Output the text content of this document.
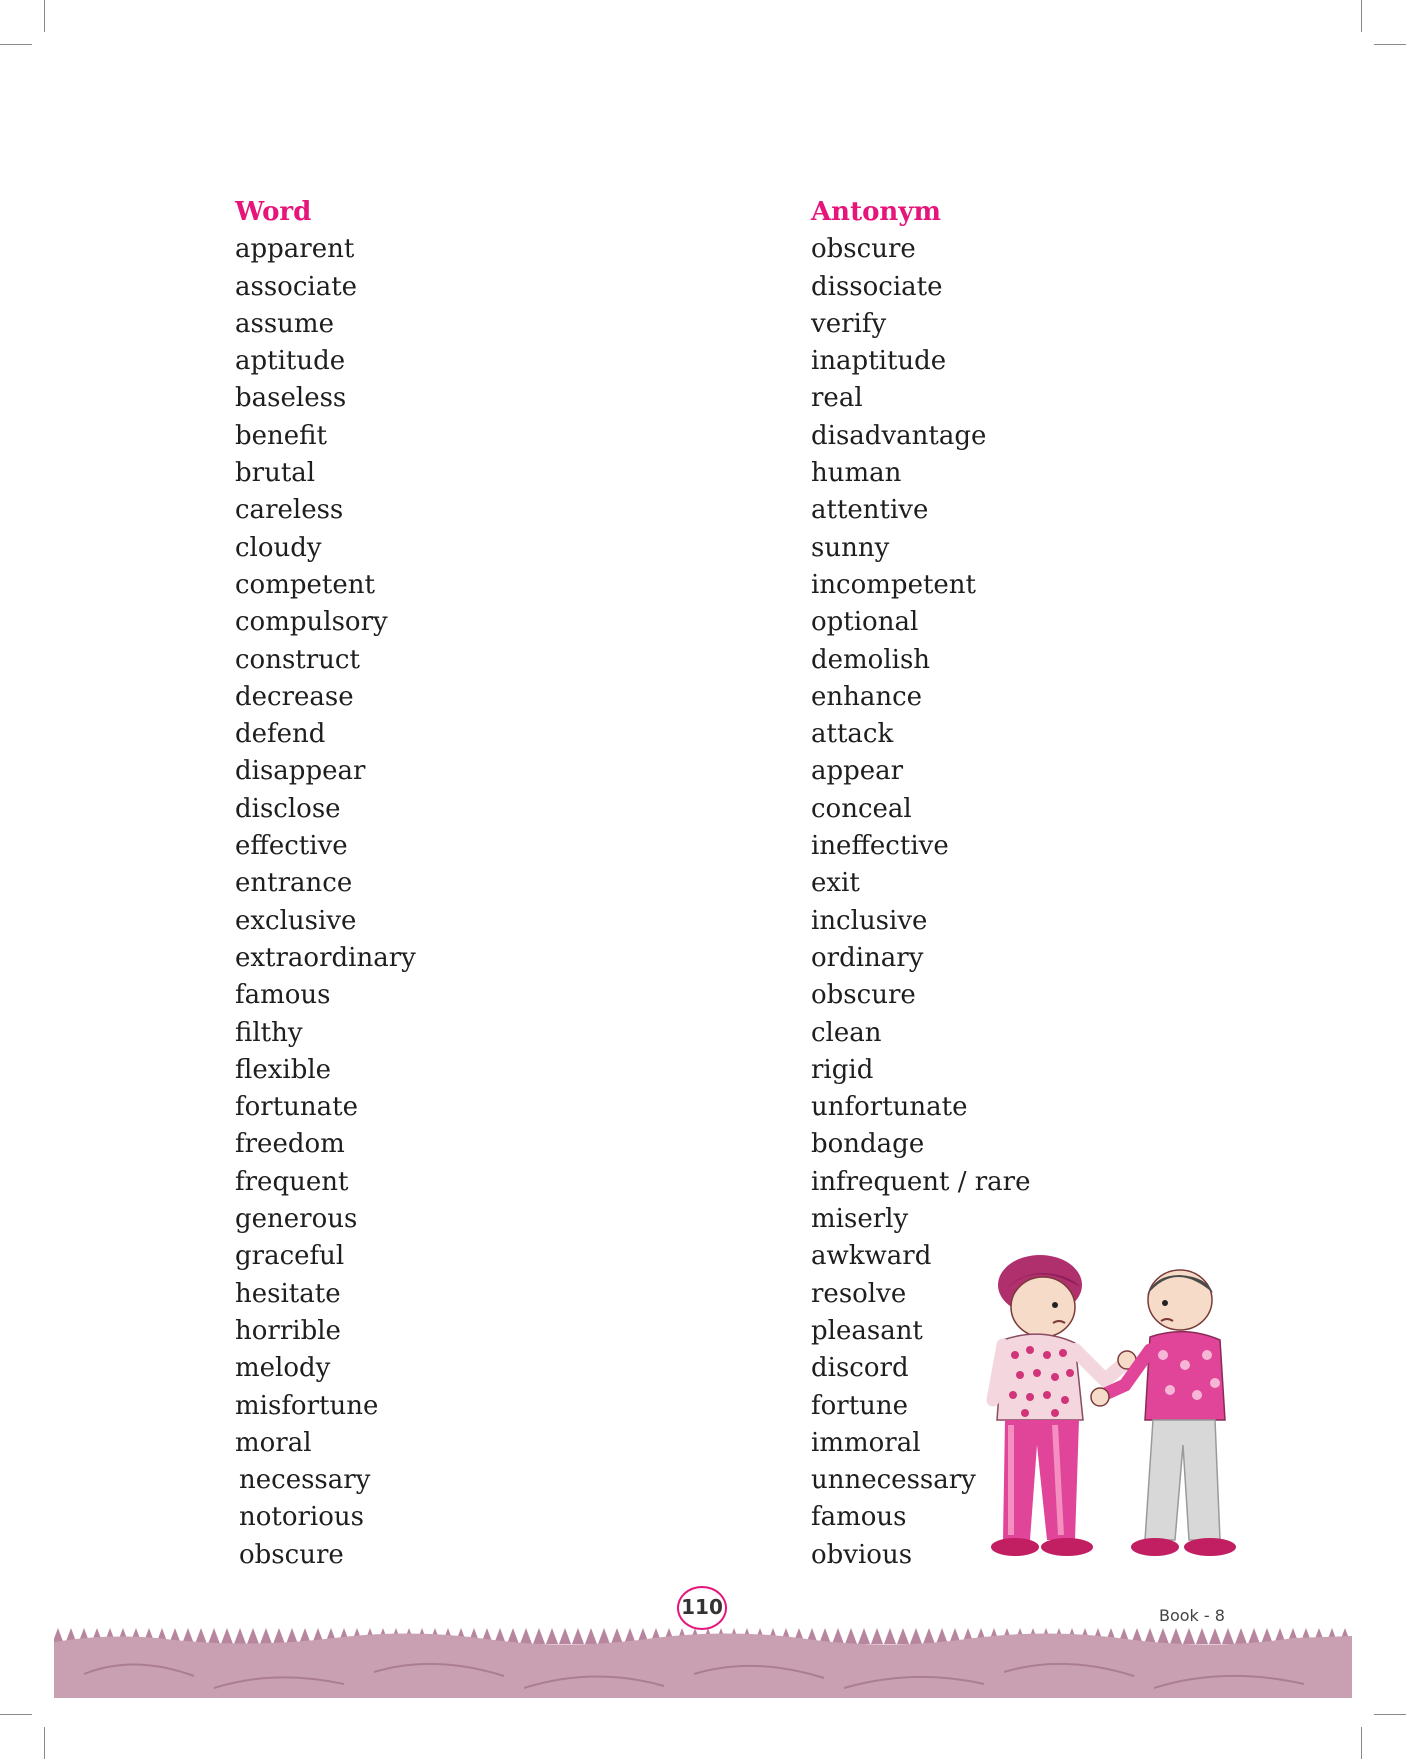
Word
apparent
associate
assume
aptitude
baseless
benefit
brutal
careless
cloudy
competent
compulsory
construct
decrease
defend
disappear
disclose
effective
entrance
exclusive
extraordinary
famous
filthy
flexible
fortunate
freedom
frequent
generous
graceful
hesitate
horrible
melody
misfortune
moral
necessary
notorious
obscure
Antonym
obscure
dissociate
verify
inaptitude
real
disadvantage
human
attentive
sunny
incompetent
optional
demolish
enhance
attack
appear
conceal
ineffective
exit
inclusive
ordinary
obscure
clean
rigid
unfortunate
bondage
infrequent / rare
miserly
awkward
resolve
pleasant
discord
fortune
immoral
unnecessary
famous
obvious
110	Book - 8
